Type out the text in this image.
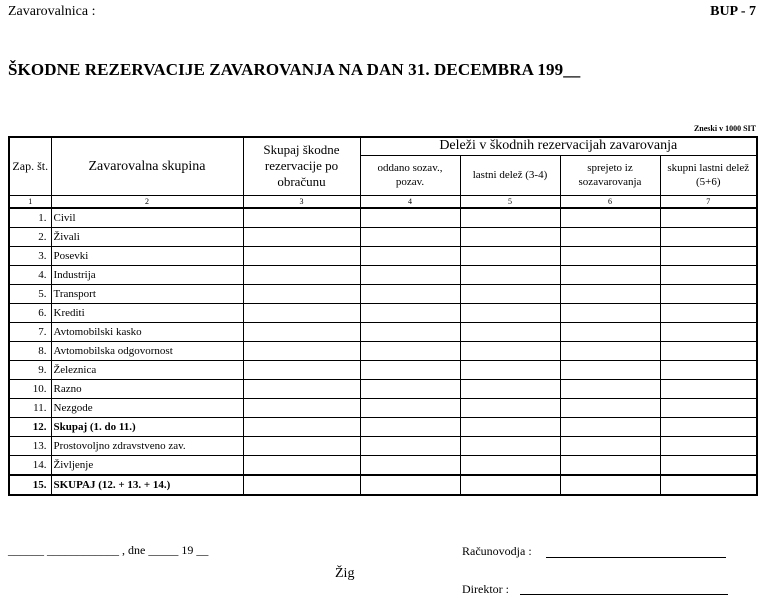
Zavarovalnica :	BUP - 7
ŠKODNE REZERVACIJE ZAVAROVANJA NA DAN 31. DECEMBRA 199__
Zneski v 1000 SIT
Zap. št.	Zavarovalna skupina	Skupaj škodne rezervacije po obračunu	Deleži v škodnih rezervacijah zavarovanja			
			oddano sozav., pozav.	lastni delež (3-4)	sprejeto iz sozavarovanja	skupni lastni delež (5+6)
1	2	3	4	5	6	7
1.	Civil					
2.	Živali					
3.	Posevki					
4.	Industrija					
5.	Transport					
6.	Krediti					
7.	Avtomobilski kasko					
8.	Avtomobilska odgovornost					
9.	Železnica					
10.	Razno					
11.	Nezgode					
12.	Skupaj (1. do 11.)					
13.	Prostovoljno zdravstveno zav.					
14.	Življenje					
15.	SKUPAJ (12. + 13. + 14.)					
______ ____________ , dne _____ 19 __
Žig
Računovodja :
Direktor :
